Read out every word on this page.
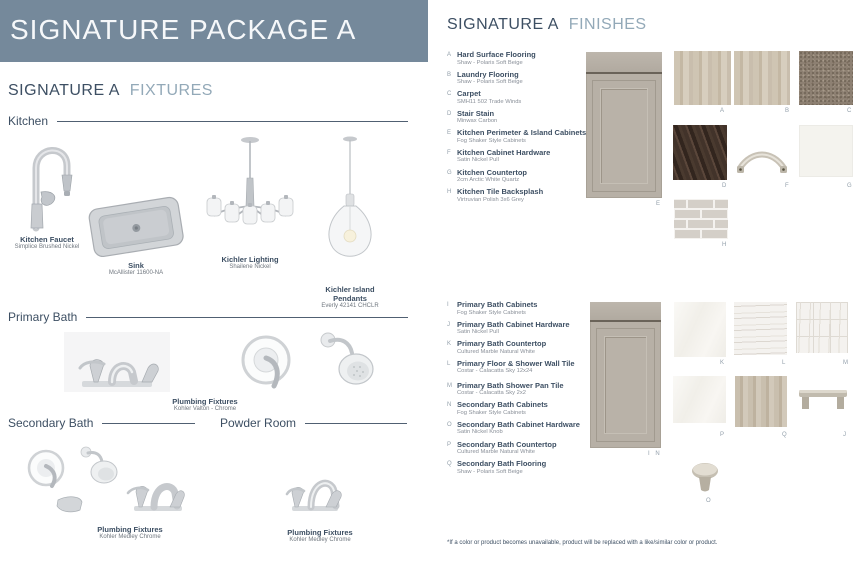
SIGNATURE PACKAGE A
SIGNATURE A FIXTURES
Kitchen
Kitchen Faucet
Simplice Brushed Nickel
Sink
McAllister 11600-NA
Kichler Lighting
Shailene Nickel
Kichler Island Pendants
Everly 42141 CHCLR
Primary Bath
Plumbing Fixtures
Kohler Valton - Chrome
Secondary Bath	Powder Room
Plumbing Fixtures
Kohler Medley Chrome	Plumbing Fixtures
Kohler Medley Chrome
SIGNATURE A FINISHES
A Hard Surface Flooring
Shaw - Polaris Soft Beige
B Laundry Flooring
Shaw - Polaris Soft Beige
C Carpet
SMH11 502 Trade Winds
D Stair Stain
Minwax Carbon
E Kitchen Perimeter & Island Cabinets
Fog Shaker Style Cabinets
F Kitchen Cabinet Hardware
Satin Nickel Pull
G Kitchen Countertop
2cm Arctic White Quartz
H Kitchen Tile Backsplash
Virtruvian Polish 3x6 Grey
E
A	B	C
D	F	G
H
I	Primary Bath Cabinets
Fog Shaker Style Cabinets
J Primary Bath Cabinet Hardware
Satin Nickel Pull
K Primary Bath Countertop
Cultured Marble Natural White
L Primary Floor & Shower Wall Tile
Costar - Calacatta Sky 12x24
M Primary Bath Shower Pan Tile
Costar - Calacatta Sky 2x2
N Secondary Bath Cabinets
Fog Shaker Style Cabinets
O Secondary Bath Cabinet Hardware
Satin Nickel Knob
P Secondary Bath Countertop
Cultured Marble Natural White
Q Secondary Bath Flooring
Shaw - Polaris Soft Beige
I N
K	L	M
P	Q	J
O
*If a color or product becomes unavailable, product will be replaced with a like/similar color or product.
